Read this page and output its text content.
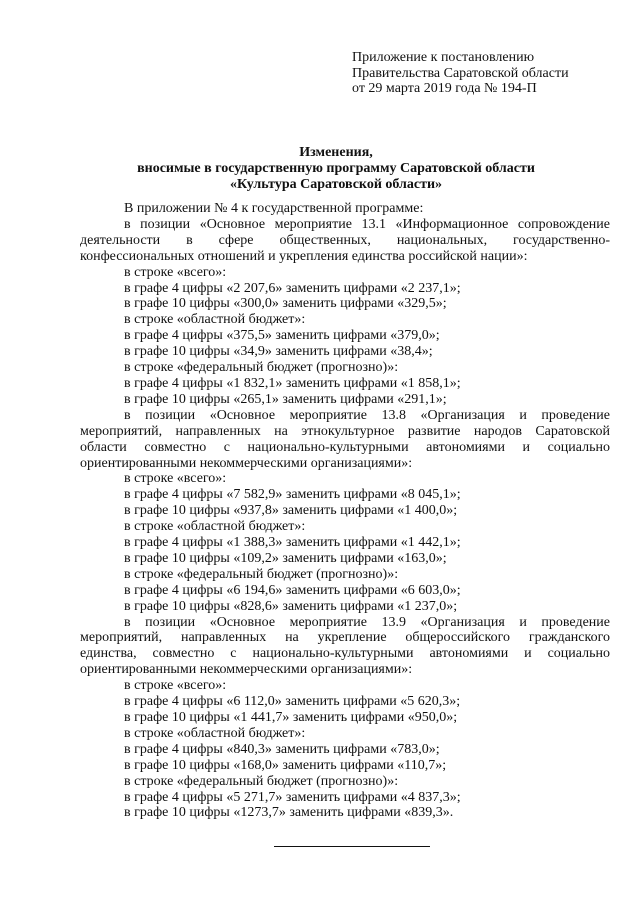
Приложение к постановлению
Правительства Саратовской области
от 29 марта 2019 года № 194-П
Изменения,
вносимые в государственную программу Саратовской области
«Культура Саратовской области»
В приложении № 4 к государственной программе:
в позиции «Основное мероприятие 13.1 «Информационное сопровождение
деятельности в сфере общественных, национальных, государственно-
конфессиональных отношений и укрепления единства российской нации»:
в строке «всего»:
в графе 4 цифры «2 207,6» заменить цифрами «2 237,1»;
в графе 10 цифры «300,0» заменить цифрами «329,5»;
в строке «областной бюджет»:
в графе 4 цифры «375,5» заменить цифрами «379,0»;
в графе 10 цифры «34,9» заменить цифрами «38,4»;
в строке «федеральный бюджет (прогнозно)»:
в графе 4 цифры «1 832,1» заменить цифрами «1 858,1»;
в графе 10 цифры «265,1» заменить цифрами «291,1»;
в позиции «Основное мероприятие 13.8 «Организация и проведение
мероприятий, направленных на этнокультурное развитие народов Саратовской
области совместно с национально-культурными автономиями и социально
ориентированными некоммерческими организациями»:
в строке «всего»:
в графе 4 цифры «7 582,9» заменить цифрами «8 045,1»;
в графе 10 цифры «937,8» заменить цифрами «1 400,0»;
в строке «областной бюджет»:
в графе 4 цифры «1 388,3» заменить цифрами «1 442,1»;
в графе 10 цифры «109,2» заменить цифрами «163,0»;
в строке «федеральный бюджет (прогнозно)»:
в графе 4 цифры «6 194,6» заменить цифрами «6 603,0»;
в графе 10 цифры «828,6» заменить цифрами «1 237,0»;
в позиции «Основное мероприятие 13.9 «Организация и проведение
мероприятий, направленных на укрепление общероссийского гражданского
единства, совместно с национально-культурными автономиями и социально
ориентированными некоммерческими организациями»:
в строке «всего»:
в графе 4 цифры «6 112,0» заменить цифрами «5 620,3»;
в графе 10 цифры «1 441,7» заменить цифрами «950,0»;
в строке «областной бюджет»:
в графе 4 цифры «840,3» заменить цифрами «783,0»;
в графе 10 цифры «168,0» заменить цифрами «110,7»;
в строке «федеральный бюджет (прогнозно)»:
в графе 4 цифры «5 271,7» заменить цифрами «4 837,3»;
в графе 10 цифры «1273,7» заменить цифрами «839,3».
